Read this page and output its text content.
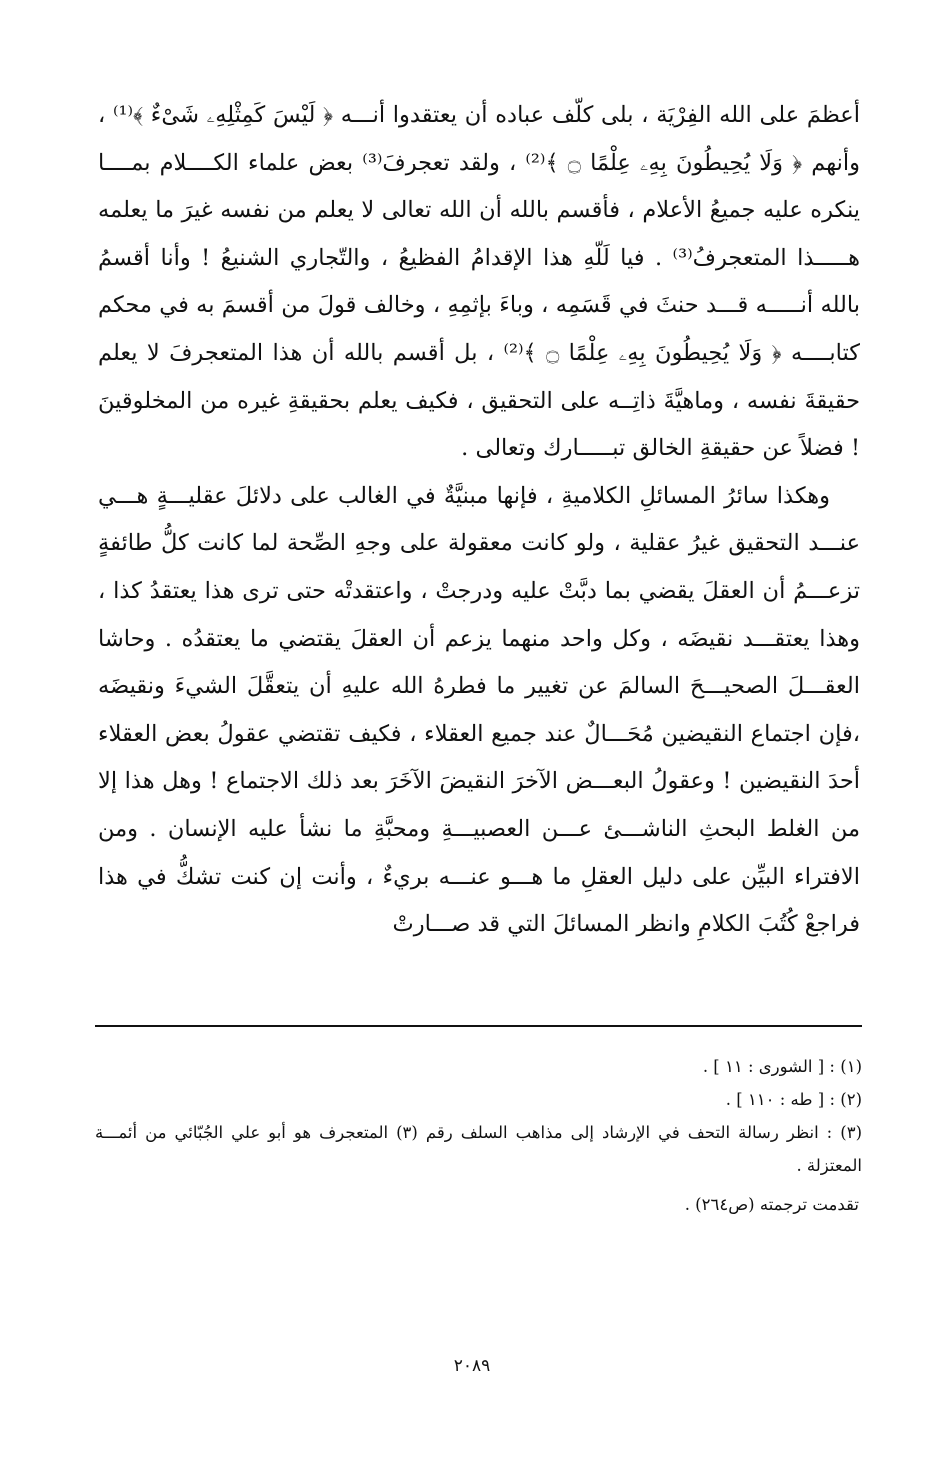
أعظمَ على الله الفِرْيَة ، بلى كلّف عباده أن يعتقدوا أنـــه ﴿ لَيْسَ كَمِثْلِهِۦ شَىْءٌ ﴾⁽¹⁾ ، وأنهم ﴿ وَلَا يُحِيطُونَ بِهِۦ عِلْمًا ۝ ﴾⁽²⁾ ، ولقد تعجرفَ⁽³⁾ بعض علماء الكــــلام بمــــا ينكره عليه جميعُ الأعلام ، فأقسم بالله أن الله تعالى لا يعلم من نفسه غيرَ ما يعلمه هـــــذا المتعجرفُ⁽³⁾ . فيا لَلّهِ هذا الإقدامُ الفظيعُ ، والتّجاري الشنيعُ ! وأنا أقسمُ بالله أنـــــه قـــد حنثَ في قَسَمِه ، وباءَ بإثمِهِ ، وخالف قولَ من أقسمَ به في محكم كتابــــه ﴿ وَلَا يُحِيطُونَ بِهِۦ عِلْمًا ۝ ﴾⁽²⁾ ، بل أقسم بالله أن هذا المتعجرفَ لا يعلم حقيقةَ نفسه ، وماهيَّةَ ذاتِــه على التحقيق ، فكيف يعلم بحقيقةِ غيره من المخلوقينَ ! فضلاً عن حقيقةِ الخالق تبـــــارك وتعالى .

وهكذا سائرُ المسائلِ الكلاميةِ ، فإنها مبنيَّةٌ في الغالب على دلائلَ عقليـــةٍ هـــي عنـــد التحقيق غيرُ عقلية ، ولو كانت معقولة على وجهِ الصِّحة لما كانت كلُّ طائفةٍ تزعـــمُ أن العقلَ يقضي بما دبَّتْ عليه ودرجتْ ، واعتقدتْه حتى ترى هذا يعتقدُ كذا ، وهذا يعتقـــد نقيضَه ، وكل واحد منهما يزعم أن العقلَ يقتضي ما يعتقدُه . وحاشا العقـــلَ الصحيـــحَ السالمَ عن تغيير ما فطرهُ الله عليهِ أن يتعقَّلَ الشيءَ ونقيضَه ،فإن اجتماع النقيضين مُحَـــالٌ عند جميع العقلاء ، فكيف تقتضي عقولُ بعض العقلاء أحدَ النقيضين ! وعقولُ البعـــض الآخرَ النقيضَ الآخَرَ بعد ذلك الاجتماع ! وهل هذا إلا من الغلط البحثِ الناشـــئ عـــن العصبيـــةِ ومحبَّةِ ما نشأ عليه الإنسان . ومن الافتراء البيِّن على دليل العقلِ ما هـــو عنـــه بريءٌ ، وأنت إن كنت تشكُّ في هذا فراجعْ كُتُبَ الكلامِ وانظر المسائلَ التي قد صـــارتْ

(١) : [ الشورى : ١١ ] .

(٢) : [ طه : ١١٠ ] .

(٣) : انظر رسالة التحف في الإرشاد إلى مذاهب السلف رقم (٣) المتعجرف هو أبو علي الجُبّائي من أئمـــة المعتزلة .

تقدمت ترجمته (ص٢٦٤) .

٢٠٨٩
